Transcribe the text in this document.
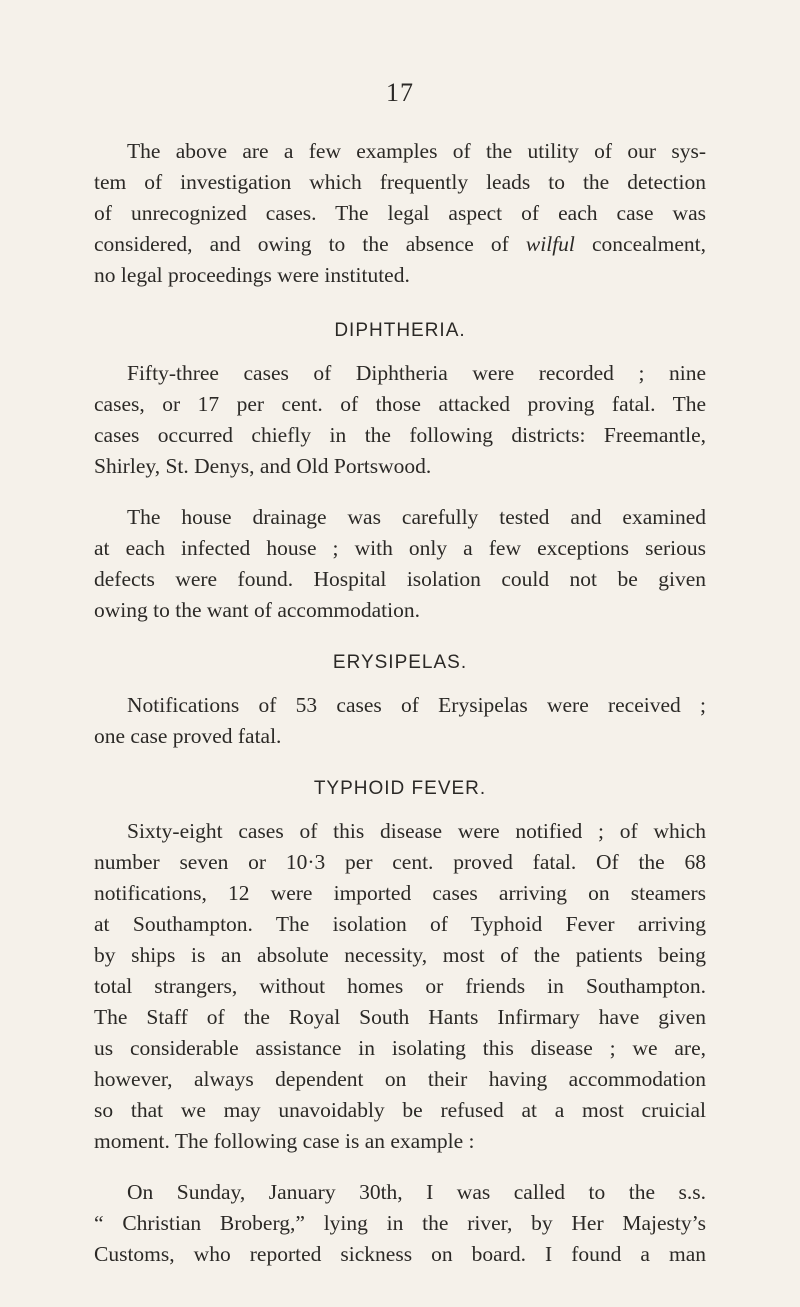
17
The above are a few examples of the utility of our sys-
tem of investigation which frequently leads to the detection
of unrecognized cases. The legal aspect of each case was
considered, and owing to the absence of wilful concealment,
no legal proceedings were instituted.
DIPHTHERIA.
Fifty-three cases of Diphtheria were recorded ; nine
cases, or 17 per cent. of those attacked proving fatal. The
cases occurred chiefly in the following districts: Freemantle,
Shirley, St. Denys, and Old Portswood.
The house drainage was carefully tested and examined
at each infected house ; with only a few exceptions serious
defects were found. Hospital isolation could not be given
owing to the want of accommodation.
ERYSIPELAS.
Notifications of 53 cases of Erysipelas were received ;
one case proved fatal.
TYPHOID FEVER.
Sixty-eight cases of this disease were notified ; of which
number seven or 10·3 per cent. proved fatal. Of the 68
notifications, 12 were imported cases arriving on steamers
at Southampton. The isolation of Typhoid Fever arriving
by ships is an absolute necessity, most of the patients being
total strangers, without homes or friends in Southampton.
The Staff of the Royal South Hants Infirmary have given
us considerable assistance in isolating this disease ; we are,
however, always dependent on their having accommodation
so that we may unavoidably be refused at a most cruicial
moment. The following case is an example :
On Sunday, January 30th, I was called to the s.s.
“ Christian Broberg,” lying in the river, by Her Majesty’s
Customs, who reported sickness on board. I found a man
